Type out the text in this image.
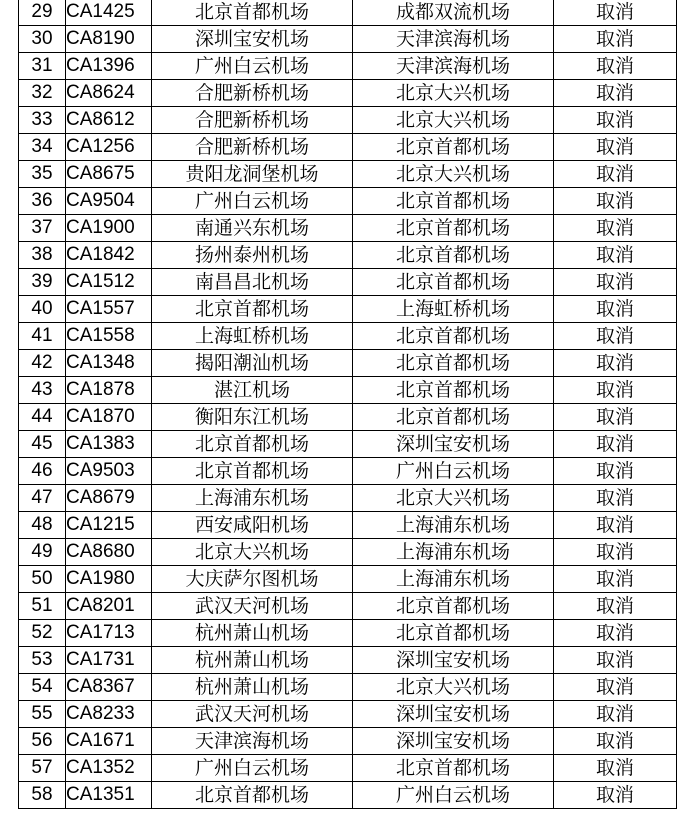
29	CA1425	北京首都机场	成都双流机场	取消
30	CA8190	深圳宝安机场	天津滨海机场	取消
31	CA1396	广州白云机场	天津滨海机场	取消
32	CA8624	合肥新桥机场	北京大兴机场	取消
33	CA8612	合肥新桥机场	北京大兴机场	取消
34	CA1256	合肥新桥机场	北京首都机场	取消
35	CA8675	贵阳龙洞堡机场	北京大兴机场	取消
36	CA9504	广州白云机场	北京首都机场	取消
37	CA1900	南通兴东机场	北京首都机场	取消
38	CA1842	扬州泰州机场	北京首都机场	取消
39	CA1512	南昌昌北机场	北京首都机场	取消
40	CA1557	北京首都机场	上海虹桥机场	取消
41	CA1558	上海虹桥机场	北京首都机场	取消
42	CA1348	揭阳潮汕机场	北京首都机场	取消
43	CA1878	湛江机场	北京首都机场	取消
44	CA1870	衡阳东江机场	北京首都机场	取消
45	CA1383	北京首都机场	深圳宝安机场	取消
46	CA9503	北京首都机场	广州白云机场	取消
47	CA8679	上海浦东机场	北京大兴机场	取消
48	CA1215	西安咸阳机场	上海浦东机场	取消
49	CA8680	北京大兴机场	上海浦东机场	取消
50	CA1980	大庆萨尔图机场	上海浦东机场	取消
51	CA8201	武汉天河机场	北京首都机场	取消
52	CA1713	杭州萧山机场	北京首都机场	取消
53	CA1731	杭州萧山机场	深圳宝安机场	取消
54	CA8367	杭州萧山机场	北京大兴机场	取消
55	CA8233	武汉天河机场	深圳宝安机场	取消
56	CA1671	天津滨海机场	深圳宝安机场	取消
57	CA1352	广州白云机场	北京首都机场	取消
58	CA1351	北京首都机场	广州白云机场	取消
